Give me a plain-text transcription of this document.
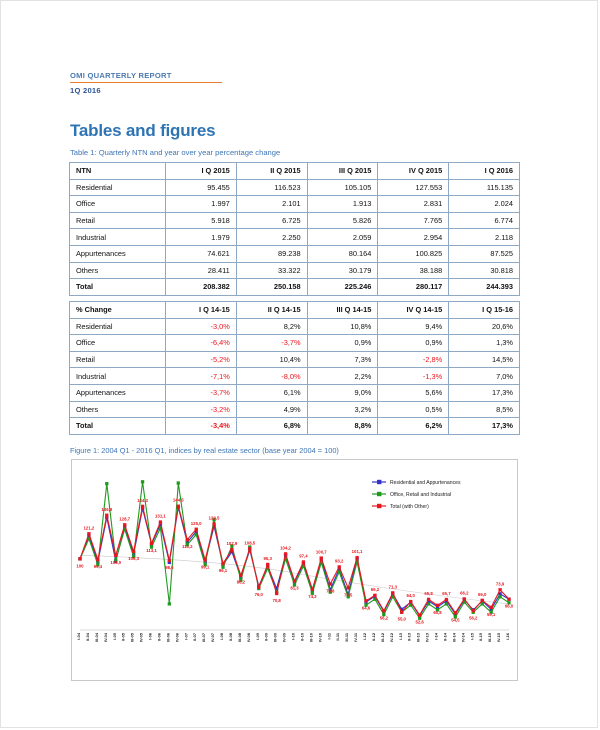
OMI QUARTERLY REPORT
1Q 2016
Tables and figures
Table 1: Quarterly NTN and year over year percentage change
NTN	I Q 2015	II Q 2015	III Q 2015	IV Q 2015	I Q 2016
Residential	95.455	116.523	105.105	127.553	115.135
Office	1.997	2.101	1.913	2.831	2.024
Retail	5.918	6.725	5.826	7.765	6.774
Industrial	1.979	2.250	2.059	2.954	2.118
Appurtenances	74.621	89.238	80.164	100.825	87.525
Others	28.411	33.322	30.179	38.188	30.818
Total	208.382	250.158	225.246	280.117	244.393
% Change	I Q 14-15	II Q 14-15	III Q 14-15	IV Q 14-15	I Q 15-16
Residential	-3,0%	8,2%	10,8%	9,4%	20,6%
Office	-6,4%	-3,7%	0,9%	0,9%	1,3%
Retail	-5,2%	10,4%	7,3%	-2,8%	14,5%
Industrial	-7,1%	-8,0%	2,2%	-1,3%	7,0%
Appurtenances	-3,7%	6,1%	9,0%	5,6%	17,3%
Others	-3,2%	4,9%	3,2%	0,5%	8,5%
Total	-3,4%	6,8%	8,8%	6,2%	17,3%
Figure 1: 2004 Q1 - 2016 Q1, indices by real estate sector (base year 2004 = 100)
100
121,2
99,4
136,8
103,0
128,7
106,3
144,3
113,1
131,1
98,6
144,5
116,2
125,0
99,1
129,5
96,1
107,9
86,2
108,5
76,0
95,3
70,8
104,2
81,3
97,4
74,3
100,7
78,8
93,2
75,5
101,1
64,6
69,2
56,2
71,3
55,0
64,0
52,6
65,8
60,8
65,7
54,5
66,2
56,2
65,0
59,1
73,9
66,0
I-04 II-04 III-04 IV-04 I-05 II-05 III-05 IV-05 I-06 II-06 III-06 IV-06 I-07 II-07 III-07 IV-07 I-08 II-08 III-08 IV-08 I-09 II-09 III-09 IV-09 I-10 II-10 III-10 IV-10 I-11 II-11 III-11 IV-11 I-12 II-12 III-12 IV-12 I-13 II-13 III-13 IV-13 I-14 II-14 III-14 IV-14 I-15 II-15 III-15 IV-15 I-16
Residential and Appurtenances
Office, Retail and Industrial
Total (with Other)
